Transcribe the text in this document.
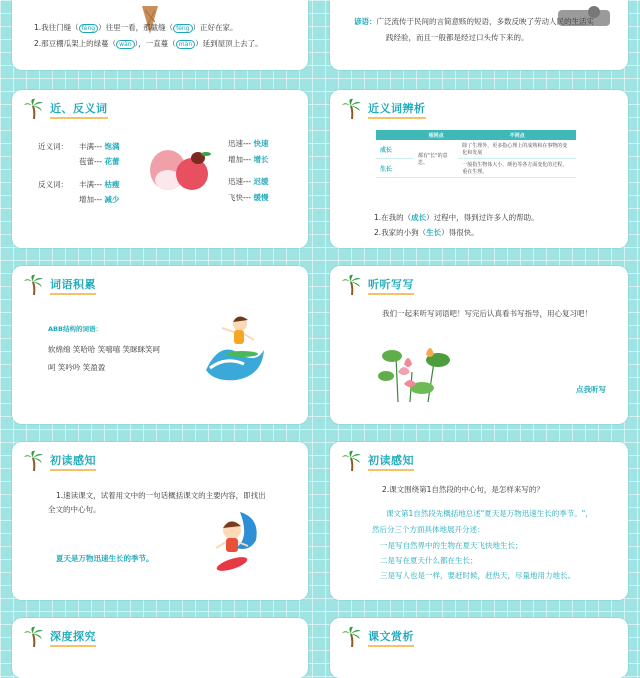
1.我往门缝（ féng ）往里一看，那截缝（ fèng ）正好在家。
2.那豆棚瓜架上的绿蔓（ wàn ），一直蔓（ màn ）延到屋顶上去了。
谚语：广泛流传于民间的言简意赅的短语，多数反映了劳动人民的生活实
践经验，而且一般都是经过口头传下来的。
近、反义词
近义词： 丰满--- 饱满
苞蕾--- 花蕾
反义词： 丰满--- 枯瘦
增加--- 减少
迅速--- 快速
增加--- 增长
迅速--- 迟缓
飞快--- 缓慢
近义词辨析
	相同点	不同点
成长	都有"长"的意思。	除了生理外，更多指心理上的成熟和在事物的变化和发展
生长		一般指生物体大小、颜色等各方面变化的过程，重在生理。
1.在我的（成长）过程中，得到过许多人的帮助。
2.我家的小狗（生长）得很快。
词语积累
ABB结构的词语：
软绵绵 笑哈哈 笑嘻嘻 笑眯眯笑呵
呵 笑吟吟 笑盈盈
听听写写
我们一起来听写词语吧！写完后认真看书写指导，用心复习吧！
点我听写
初读感知
1.速读课文，试着用文中的一句话概括课文的主要内容，即找出
全文的中心句。
夏天是万物迅速生长的季节。
初读感知
2.课文围绕第1自然段的中心句，是怎样来写的？
课文第1自然段先概括地总述"夏天是万物迅速生长的季节。"，
然后分三个方面具体地展开分述：
一是写自然界中的生物在夏天飞快地生长；
二是写在夏天什么都在生长；
三是写人也是一样，要赶时候，赶热天，尽量地用力地长。
深度探究	课文赏析
